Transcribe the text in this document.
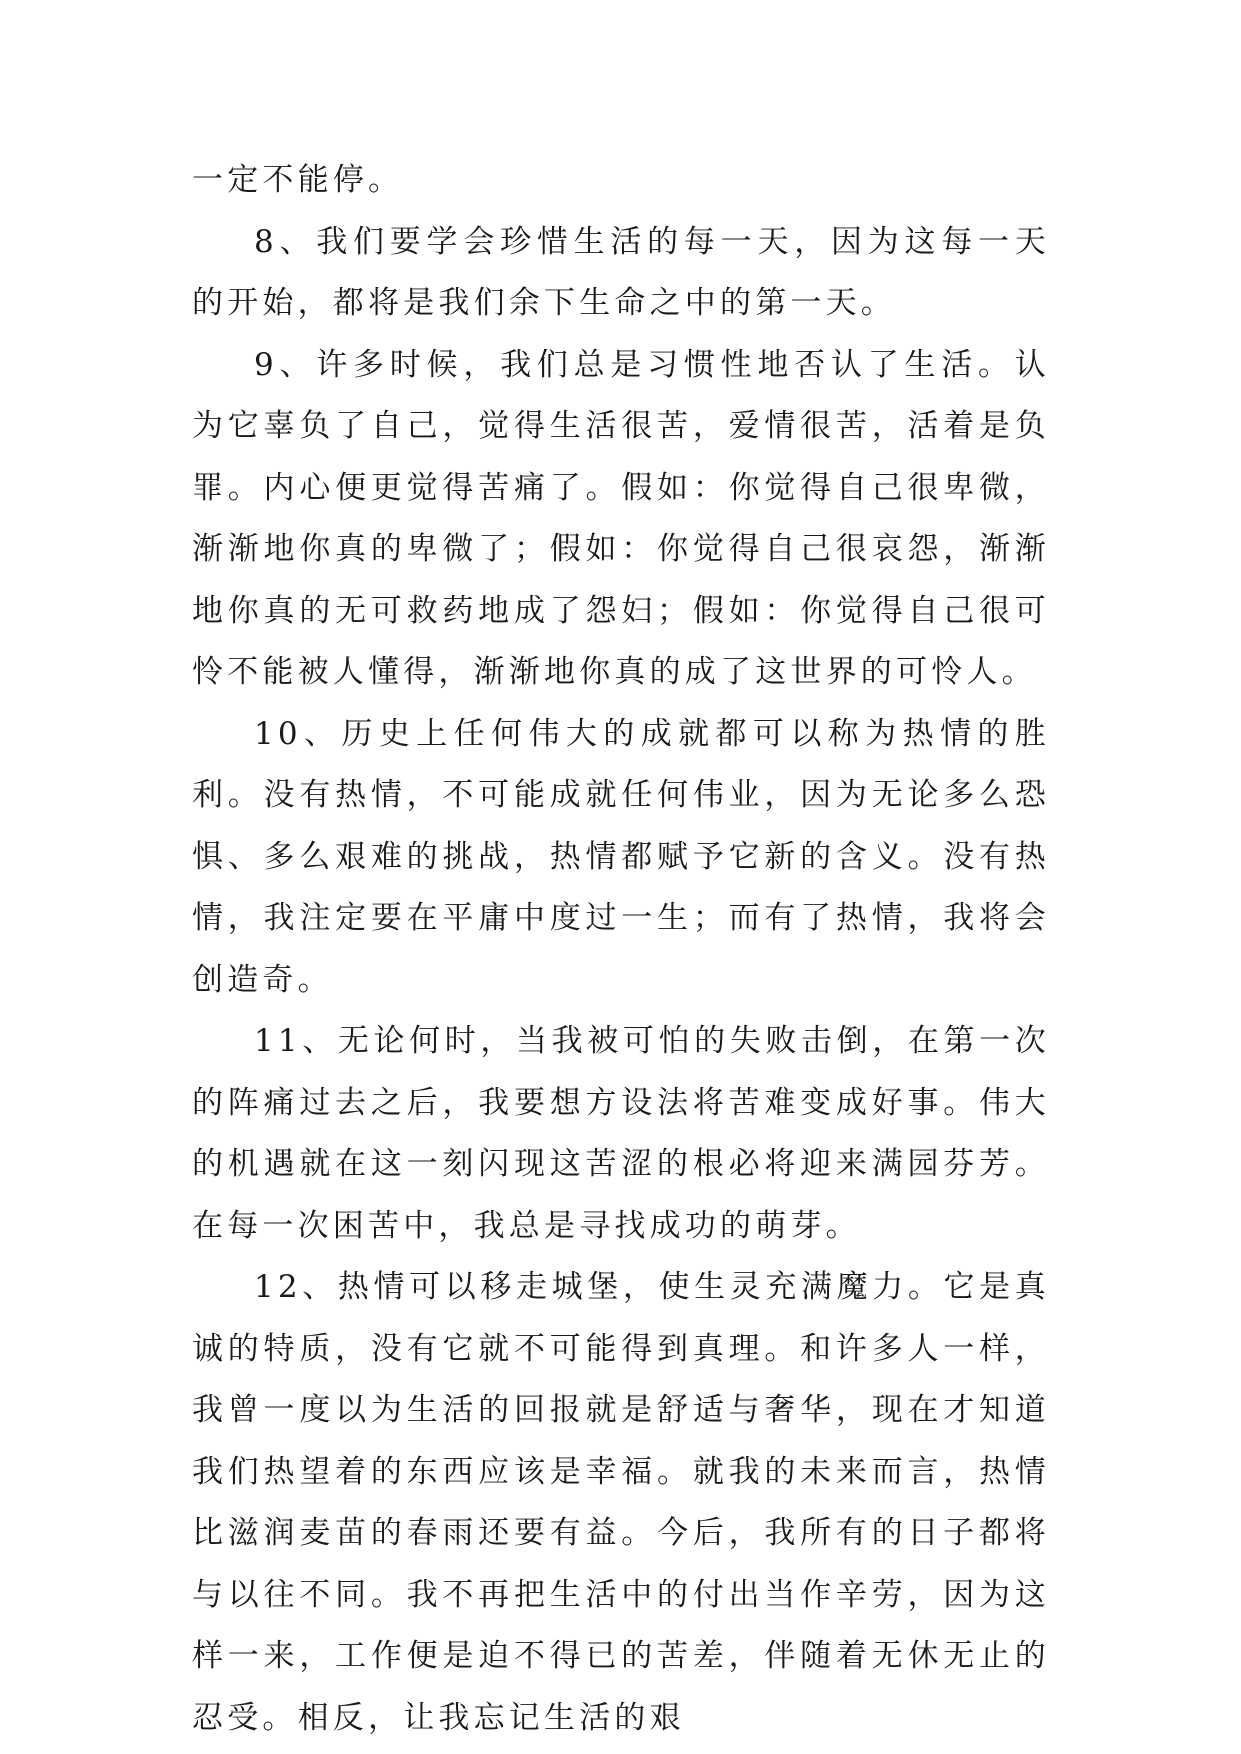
一定不能停。

8、我们要学会珍惜生活的每一天，因为这每一天的开始，都将是我们余下生命之中的第一天。

9、许多时候，我们总是习惯性地否认了生活。认为它辜负了自己，觉得生活很苦，爱情很苦，活着是负罪。内心便更觉得苦痛了。假如：你觉得自己很卑微，渐渐地你真的卑微了；假如：你觉得自己很哀怨，渐渐地你真的无可救药地成了怨妇；假如：你觉得自己很可怜不能被人懂得，渐渐地你真的成了这世界的可怜人。

10、历史上任何伟大的成就都可以称为热情的胜利。没有热情，不可能成就任何伟业，因为无论多么恐惧、多么艰难的挑战，热情都赋予它新的含义。没有热情，我注定要在平庸中度过一生；而有了热情，我将会创造奇。

11、无论何时，当我被可怕的失败击倒，在第一次的阵痛过去之后，我要想方设法将苦难变成好事。伟大的机遇就在这一刻闪现这苦涩的根必将迎来满园芬芳。在每一次困苦中，我总是寻找成功的萌芽。

12、热情可以移走城堡，使生灵充满魔力。它是真诚的特质，没有它就不可能得到真理。和许多人一样，我曾一度以为生活的回报就是舒适与奢华，现在才知道我们热望着的东西应该是幸福。就我的未来而言，热情比滋润麦苗的春雨还要有益。今后，我所有的日子都将与以往不同。我不再把生活中的付出当作辛劳，因为这样一来，工作便是迫不得已的苦差，伴随着无休无止的忍受。相反，让我忘记生活的艰
